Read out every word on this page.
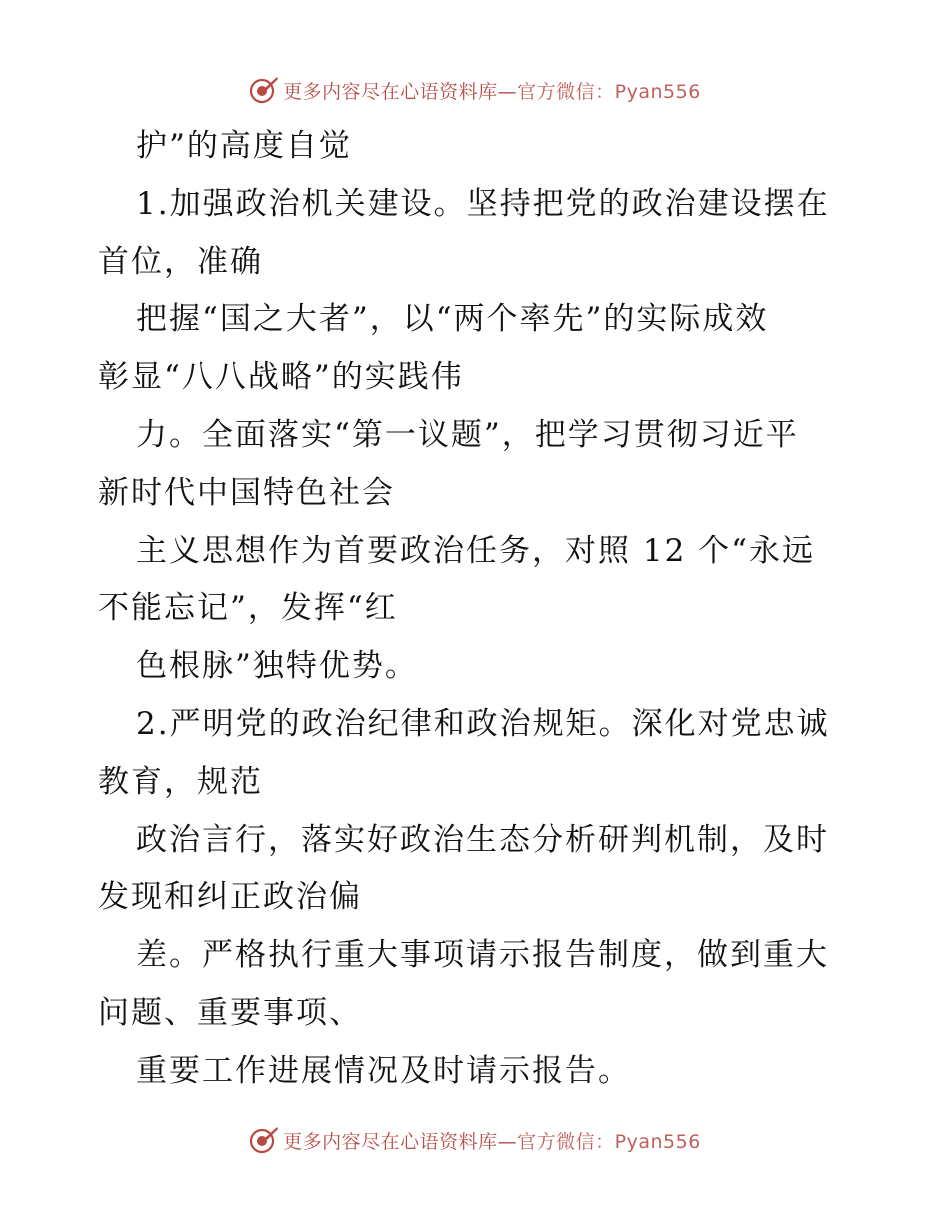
更多内容尽在心语资料库—官方微信：Pyan556

护”的高度自觉

1.加强政治机关建设。坚持把党的政治建设摆在

首位，准确

把握“国之大者”，以“两个率先”的实际成效

彰显“八八战略”的实践伟

力。全面落实“第一议题”，把学习贯彻习近平

新时代中国特色社会

主义思想作为首要政治任务，对照 12 个“永远

不能忘记”，发挥“红

色根脉”独特优势。

2.严明党的政治纪律和政治规矩。深化对党忠诚

教育，规范

政治言行，落实好政治生态分析研判机制，及时

发现和纠正政治偏

差。严格执行重大事项请示报告制度，做到重大

问题、重要事项、

重要工作进展情况及时请示报告。

更多内容尽在心语资料库—官方微信：Pyan556
